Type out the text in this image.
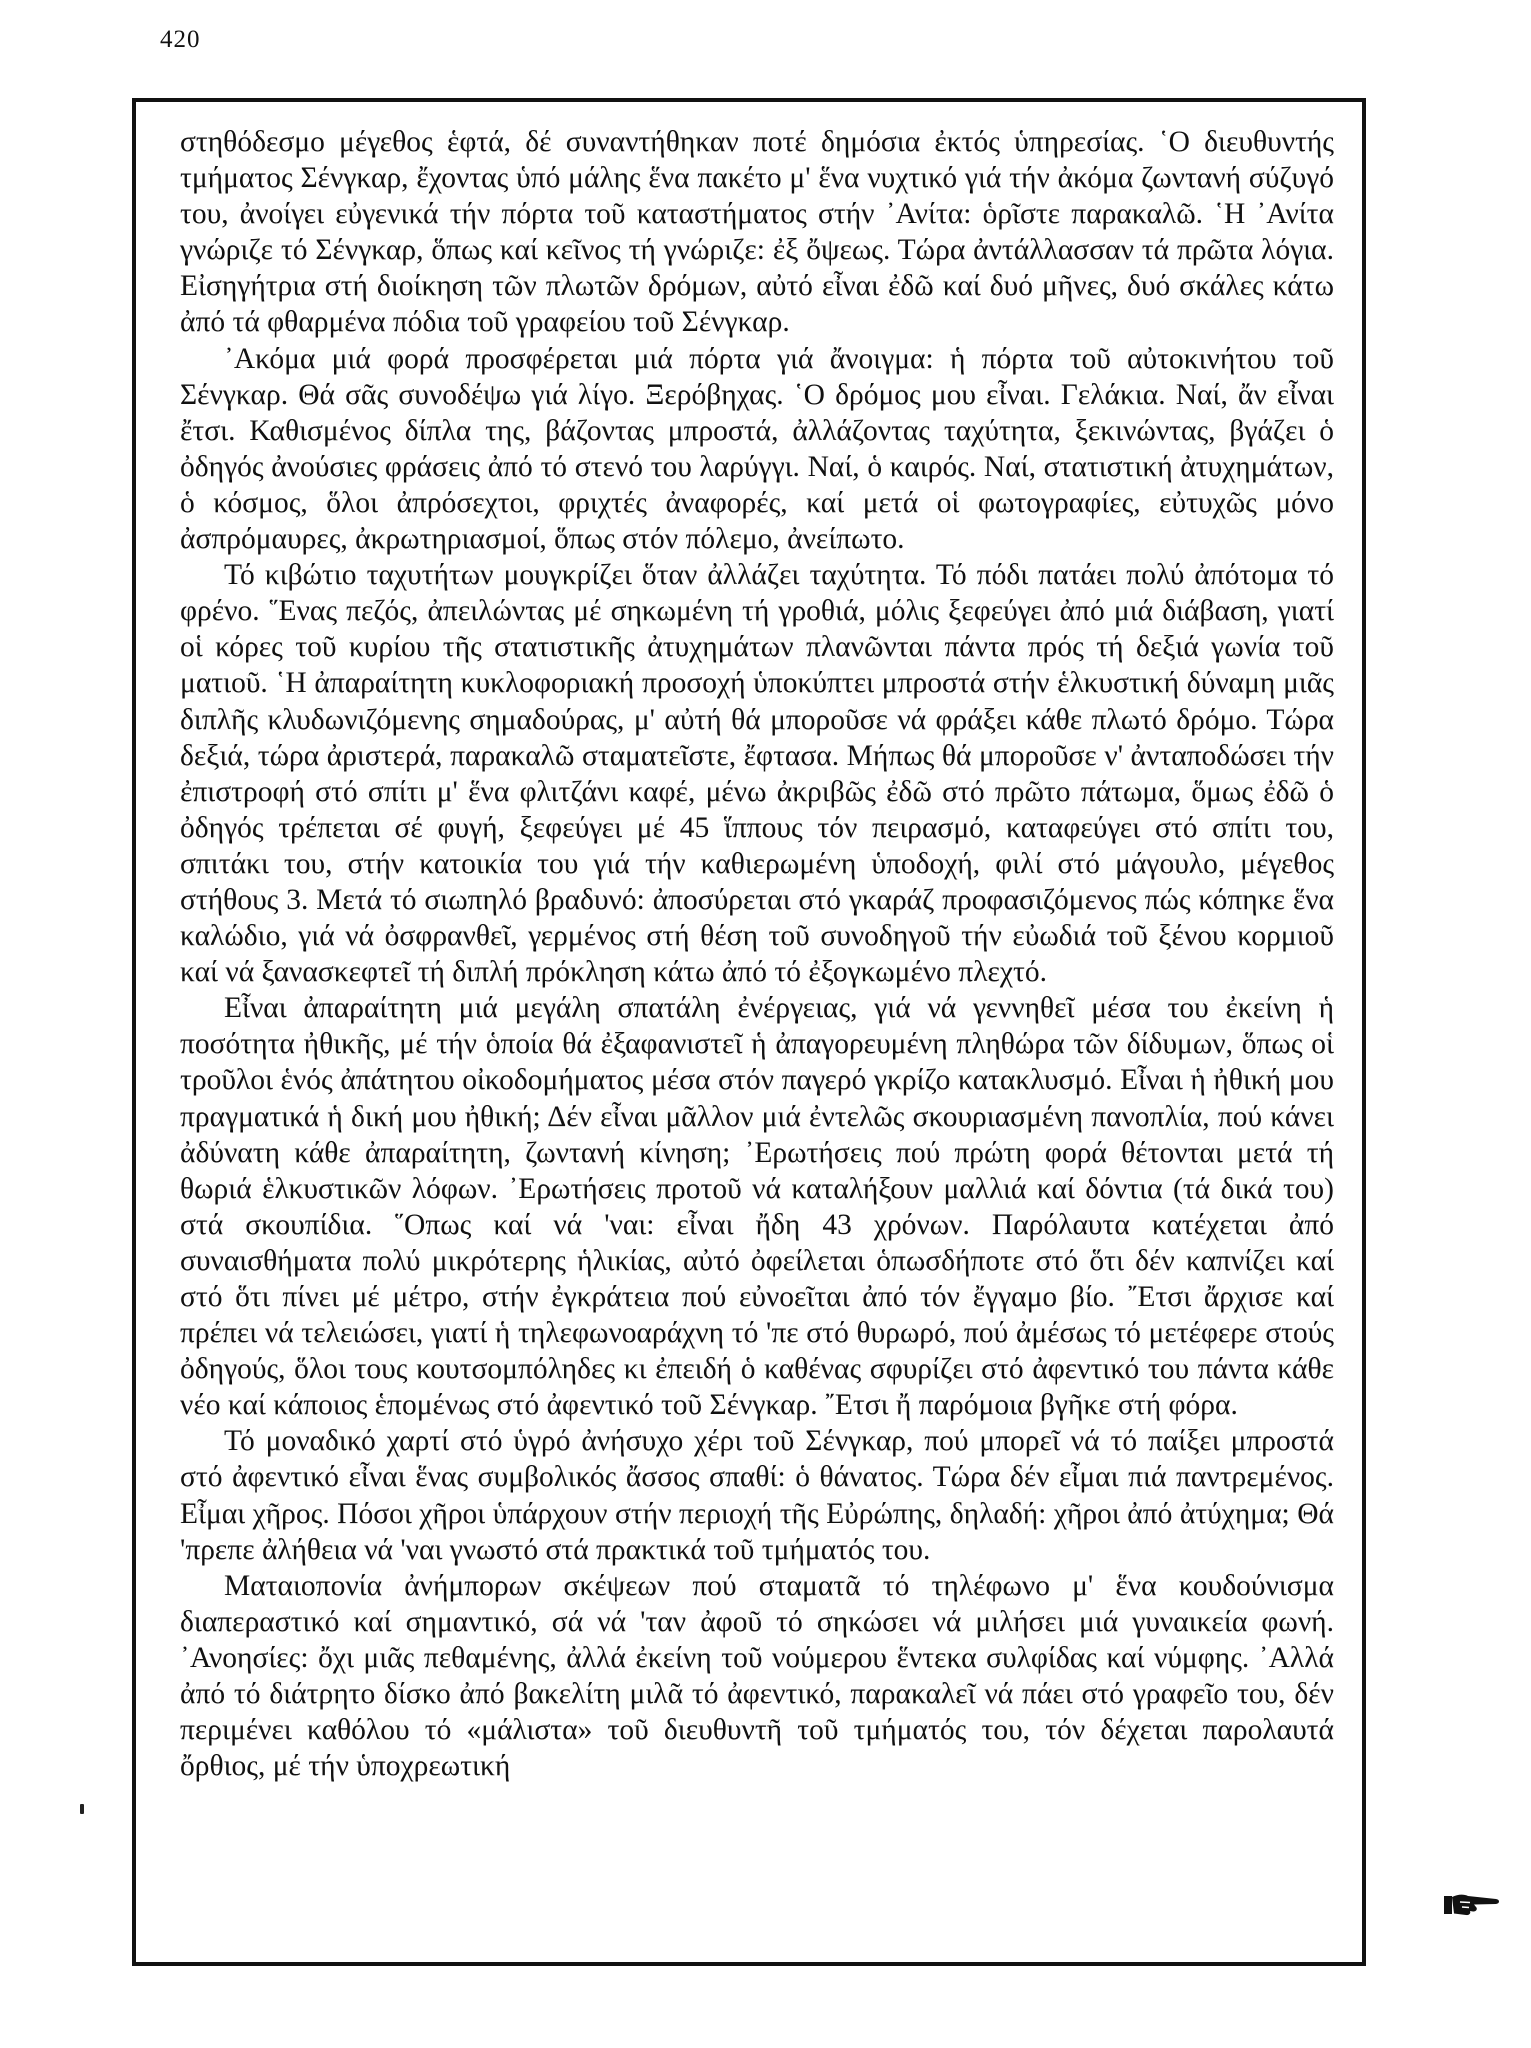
420

στηθόδεσμο μέγεθος ἑφτά, δέ συναντήθηκαν ποτέ δημόσια ἐκτός ὑπηρεσίας. ῾Ο διευθυντής τμήματος Σένγκαρ, ἔχοντας ὑπό μάλης ἕνα πακέτο μ' ἕνα νυχτικό γιά τήν ἀκόμα ζωντανή σύζυγό του, ἀνοίγει εὐγενικά τήν πόρτα τοῦ καταστήματος στήν ᾽Ανίτα: ὁρῖστε παρακαλῶ. ῾Η ᾽Ανίτα γνώριζε τό Σένγκαρ, ὅπως καί κεῖνος τή γνώριζε: ἐξ ὄψεως. Τώρα ἀντάλλασσαν τά πρῶτα λόγια. Εἰσηγήτρια στή διοίκηση τῶν πλωτῶν δρόμων, αὐτό εἶναι ἐδῶ καί δυό μῆνες, δυό σκάλες κάτω ἀπό τά φθαρμένα πόδια τοῦ γραφείου τοῦ Σένγκαρ.

᾽Ακόμα μιά φορά προσφέρεται μιά πόρτα γιά ἄνοιγμα: ἡ πόρτα τοῦ αὐτοκινήτου τοῦ Σένγκαρ. Θά σᾶς συνοδέψω γιά λίγο. Ξερόβηχας. ῾Ο δρόμος μου εἶναι. Γελάκια. Ναί, ἄν εἶναι ἔτσι. Καθισμένος δίπλα της, βάζοντας μπροστά, ἀλλάζοντας ταχύτητα, ξεκινώντας, βγάζει ὁ ὀδηγός ἀνούσιες φράσεις ἀπό τό στενό του λαρύγγι. Ναί, ὁ καιρός. Ναί, στατιστική ἀτυχημάτων, ὁ κόσμος, ὅλοι ἀπρόσεχτοι, φριχτές ἀναφορές, καί μετά οἱ φωτογραφίες, εὐτυχῶς μόνο ἀσπρόμαυρες, ἀκρωτηριασμοί, ὅπως στόν πόλεμο, ἀνείπωτο.

Τό κιβώτιο ταχυτήτων μουγκρίζει ὅταν ἀλλάζει ταχύτητα. Τό πόδι πατάει πολύ ἀπότομα τό φρένο. ῞Ενας πεζός, ἀπειλώντας μέ σηκωμένη τή γροθιά, μόλις ξεφεύγει ἀπό μιά διάβαση, γιατί οἱ κόρες τοῦ κυρίου τῆς στατιστικῆς ἀτυχημάτων πλανῶνται πάντα πρός τή δεξιά γωνία τοῦ ματιοῦ. ῾Η ἀπαραίτητη κυκλοφοριακή προσοχή ὑποκύπτει μπροστά στήν ἑλκυστική δύναμη μιᾶς διπλῆς κλυδωνιζόμενης σημαδούρας, μ' αὐτή θά μποροῦσε νά φράξει κάθε πλωτό δρόμο. Τώρα δεξιά, τώρα ἀριστερά, παρακαλῶ σταματεῖστε, ἔφτασα. Μήπως θά μποροῦσε ν' ἀνταποδώσει τήν ἐπιστροφή στό σπίτι μ' ἕνα φλιτζάνι καφέ, μένω ἀκριβῶς ἐδῶ στό πρῶτο πάτωμα, ὅμως ἐδῶ ὁ ὀδηγός τρέπεται σέ φυγή, ξεφεύγει μέ 45 ἵππους τόν πειρασμό, καταφεύγει στό σπίτι του, σπιτάκι του, στήν κατοικία του γιά τήν καθιερωμένη ὑποδοχή, φιλί στό μάγουλο, μέγεθος στήθους 3. Μετά τό σιωπηλό βραδυνό: ἀποσύρεται στό γκαράζ προφασιζόμενος πώς κόπηκε ἕνα καλώδιο, γιά νά ὀσφρανθεῖ, γερμένος στή θέση τοῦ συνοδηγοῦ τήν εὐωδιά τοῦ ξένου κορμιοῦ καί νά ξανασκεφτεῖ τή διπλή πρόκληση κάτω ἀπό τό ἐξογκωμένο πλεχτό.

Εἶναι ἀπαραίτητη μιά μεγάλη σπατάλη ἐνέργειας, γιά νά γεννηθεῖ μέσα του ἐκείνη ἡ ποσότητα ἠθικῆς, μέ τήν ὁποία θά ἐξαφανιστεῖ ἡ ἀπαγορευμένη πληθώρα τῶν δίδυμων, ὅπως οἱ τροῦλοι ἑνός ἀπάτητου οἰκοδομήματος μέσα στόν παγερό γκρίζο κατακλυσμό. Εἶναι ἡ ἠθική μου πραγματικά ἡ δική μου ἠθική; Δέν εἶναι μᾶλλον μιά ἐντελῶς σκουριασμένη πανοπλία, πού κάνει ἀδύνατη κάθε ἀπαραίτητη, ζωντανή κίνηση; ᾽Ερωτήσεις πού πρώτη φορά θέτονται μετά τή θωριά ἑλκυστικῶν λόφων. ᾽Ερωτήσεις προτοῦ νά καταλήξουν μαλλιά καί δόντια (τά δικά του) στά σκουπίδια. ῞Οπως καί νά 'ναι: εἶναι ἤδη 43 χρόνων. Παρόλαυτα κατέχεται ἀπό συναισθήματα πολύ μικρότερης ἡλικίας, αὐτό ὀφείλεται ὁπωσδήποτε στό ὅτι δέν καπνίζει καί στό ὅτι πίνει μέ μέτρο, στήν ἐγκράτεια πού εὐνοεῖται ἀπό τόν ἔγγαμο βίο. ῎Ετσι ἄρχισε καί πρέπει νά τελειώσει, γιατί ἡ τηλεφωνοαράχνη τό 'πε στό θυρωρό, πού ἀμέσως τό μετέφερε στούς ὀδηγούς, ὅλοι τους κουτσομπόληδες κι ἐπειδή ὁ καθένας σφυρίζει στό ἀφεντικό του πάντα κάθε νέο καί κάποιος ἑπομένως στό ἀφεντικό τοῦ Σένγκαρ. ῎Ετσι ἤ παρόμοια βγῆκε στή φόρα.

Τό μοναδικό χαρτί στό ὑγρό ἀνήσυχο χέρι τοῦ Σένγκαρ, πού μπορεῖ νά τό παίξει μπροστά στό ἀφεντικό εἶναι ἕνας συμβολικός ἄσσος σπαθί: ὁ θάνατος. Τώρα δέν εἶμαι πιά παντρεμένος. Εἶμαι χῆρος. Πόσοι χῆροι ὑπάρχουν στήν περιοχή τῆς Εὐρώπης, δηλαδή: χῆροι ἀπό ἀτύχημα; Θά 'πρεπε ἀλήθεια νά 'ναι γνωστό στά πρακτικά τοῦ τμήματός του.

Ματαιοπονία ἀνήμπορων σκέψεων πού σταματᾶ τό τηλέφωνο μ' ἕνα κουδούνισμα διαπεραστικό καί σημαντικό, σά νά 'ταν ἀφοῦ τό σηκώσει νά μιλήσει μιά γυναικεία φωνή. ᾽Ανοησίες: ὄχι μιᾶς πεθαμένης, ἀλλά ἐκείνη τοῦ νούμερου ἕντεκα συλφίδας καί νύμφης. ᾽Αλλά ἀπό τό διάτρητο δίσκο ἀπό βακελίτη μιλᾶ τό ἀφεντικό, παρακαλεῖ νά πάει στό γραφεῖο του, δέν περιμένει καθόλου τό «μάλιστα» τοῦ διευθυντῆ τοῦ τμήματός του, τόν δέχεται παρολαυτά ὄρθιος, μέ τήν ὑποχρεωτική
